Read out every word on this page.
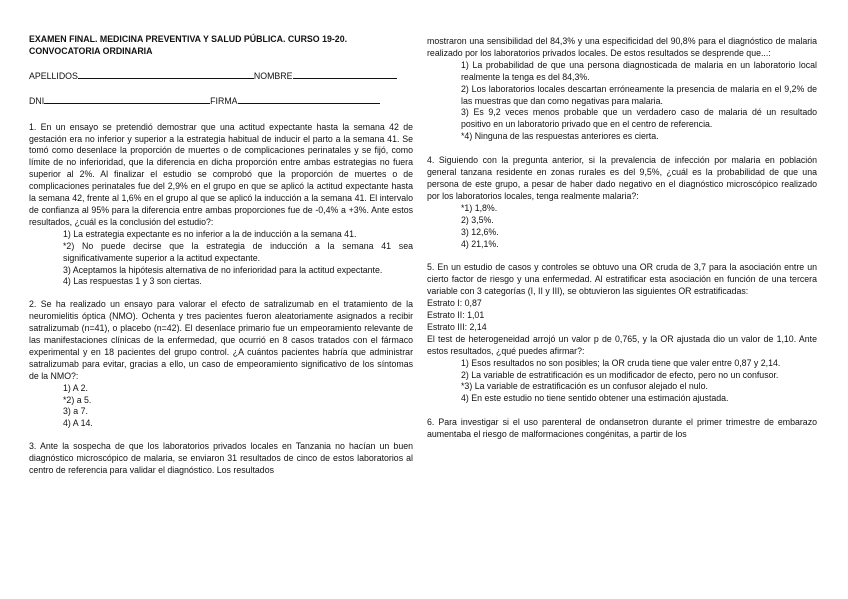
EXAMEN FINAL. MEDICINA PREVENTIVA Y SALUD PÚBLICA. CURSO 19-20.
CONVOCATORIA ORDINARIA

APELLIDOS	NOMBRE

DNI	FIRMA

1. En un ensayo se pretendió demostrar que una actitud expectante hasta la semana 42 de gestación era no inferior y superior a la estrategia habitual de inducir el parto a la semana 41. Se tomó como desenlace la proporción de muertes o de complicaciones perinatales y se fijó, como límite de no inferioridad, que la diferencia en dicha proporción entre ambas estrategias no fuera superior al 2%. Al finalizar el estudio se comprobó que la proporción de muertes o de complicaciones perinatales fue del 2,9% en el grupo en que se aplicó la actitud expectante hasta la semana 42, frente al 1,6% en el grupo al que se aplicó la inducción a la semana 41. El intervalo de confianza al 95% para la diferencia entre ambas proporciones fue de -0,4% a +3%. Ante estos resultados, ¿cuál es la conclusión del estudio?:

1) La estrategia expectante es no inferior a la de inducción a la semana 41.

*2) No puede decirse que la estrategia de inducción a la semana 41 sea significativamente superior a la actitud expectante.

3) Aceptamos la hipótesis alternativa de no inferioridad para la actitud expectante.

4) Las respuestas 1 y 3 son ciertas.

2. Se ha realizado un ensayo para valorar el efecto de satralizumab en el tratamiento de la neuromielitis óptica (NMO). Ochenta y tres pacientes fueron aleatoriamente asignados a recibir satralizumab (n=41), o placebo (n=42). El desenlace primario fue un empeoramiento relevante de las manifestaciones clínicas de la enfermedad, que ocurrió en 8 casos tratados con el fármaco experimental y en 18 pacientes del grupo control. ¿A cuántos pacientes habría que administrar satralizumab para evitar, gracias a ello, un caso de empeoramiento significativo de los síntomas de la NMO?:

1) A 2.

*2) a 5.

3) a 7.

4) A 14.

3. Ante la sospecha de que los laboratorios privados locales en Tanzania no hacían un buen diagnóstico microscópico de malaria, se enviaron 31 resultados de cinco de estos laboratorios al centro de referencia para validar el diagnóstico. Los resultados

mostraron una sensibilidad del 84,3% y una especificidad del 90,8% para el diagnóstico de malaria realizado por los laboratorios privados locales. De estos resultados se desprende que...:

1) La probabilidad de que una persona diagnosticada de malaria en un laboratorio local realmente la tenga es del 84,3%.

2) Los laboratorios locales descartan erróneamente la presencia de malaria en el 9,2% de las muestras que dan como negativas para malaria.

3) Es 9,2 veces menos probable que un verdadero caso de malaria dé un resultado positivo en un laboratorio privado que en el centro de referencia.

*4) Ninguna de las respuestas anteriores es cierta.

4. Siguiendo con la pregunta anterior, si la prevalencia de infección por malaria en población general tanzana residente en zonas rurales es del 9,5%, ¿cuál es la probabilidad de que una persona de este grupo, a pesar de haber dado negativo en el diagnóstico microscópico realizado por los laboratorios locales, tenga realmente malaria?:

*1) 1,8%.

2) 3,5%.

3) 12,6%.

4) 21,1%.

5. En un estudio de casos y controles se obtuvo una OR cruda de 3,7 para la asociación entre un cierto factor de riesgo y una enfermedad. Al estratificar esta asociación en función de una tercera variable con 3 categorías (I, II y III), se obtuvieron las siguientes OR estratificadas:

Estrato I: 0,87

Estrato II: 1,01

Estrato III: 2,14

El test de heterogeneidad arrojó un valor p de 0,765, y la OR ajustada dio un valor de 1,10. Ante estos resultados, ¿qué puedes afirmar?:

1) Esos resultados no son posibles; la OR cruda tiene que valer entre 0,87 y 2,14.

2) La variable de estratificación es un modificador de efecto, pero no un confusor.

*3) La variable de estratificación es un confusor alejado el nulo.

4) En este estudio no tiene sentido obtener una estimación ajustada.

6. Para investigar si el uso parenteral de ondansetron durante el primer trimestre de embarazo aumentaba el riesgo de malformaciones congénitas, a partir de los
